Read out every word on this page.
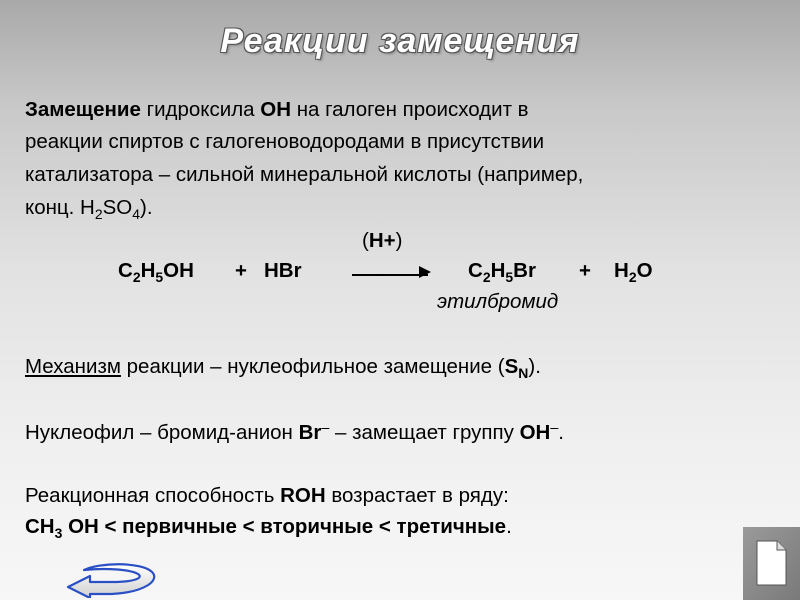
Реакции замещения
Замещение гидроксила ОН на галоген происходит в
реакции спиртов с галогеноводородами в присутствии
катализатора – сильной минеральной кислоты (например,
конц. $Н_2SO_4$).
(Н+)
$С_2Н_5ОН$ + НBr	$С_2Н_5Br + Н_2О$
этилбромид
Механизм реакции – нуклеофильное замещение $(S_N)$.
Нуклеофил – бромид-анион Br– – замещает группу ОН–.
Реакционная способность ROH возрастает в ряду:
$СН_3$ ОН < первичные < вторичные < третичные.
